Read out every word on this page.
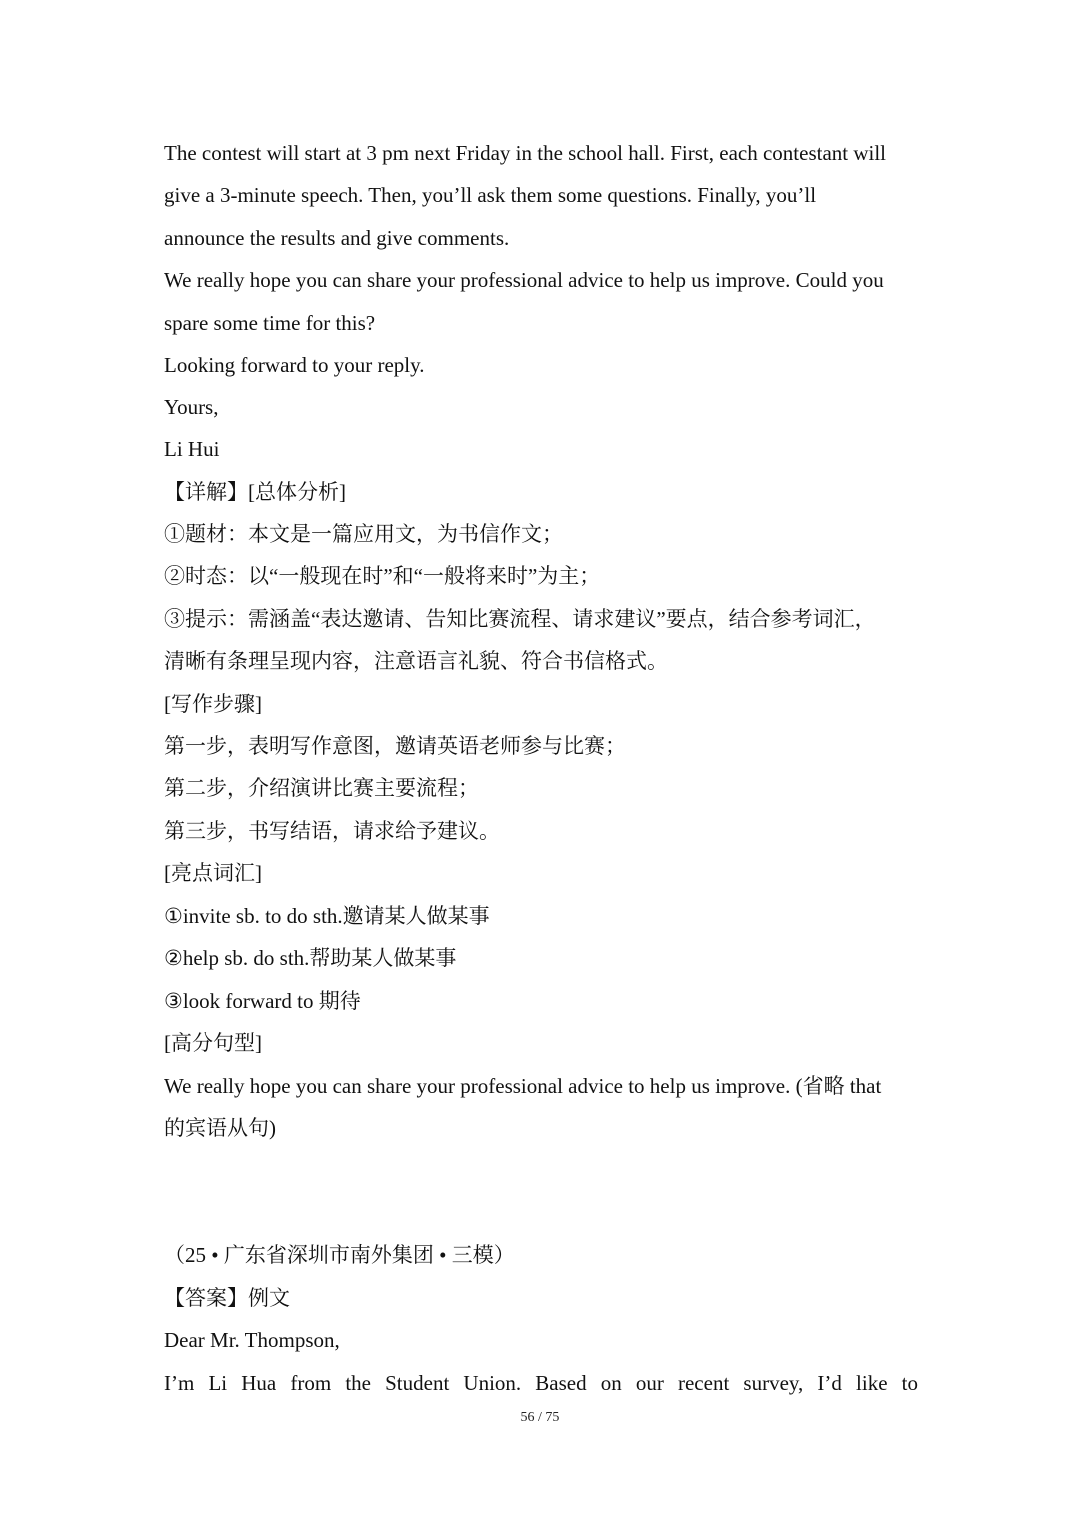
The contest will start at 3 pm next Friday in the school hall. First, each contestant will
give a 3-minute speech. Then, you’ll ask them some questions. Finally, you’ll
announce the results and give comments.
We really hope you can share your professional advice to help us improve. Could you
spare some time for this?
Looking forward to your reply.
Yours,
Li Hui
【详解】[总体分析]
①题材：本文是一篇应用文，为书信作文；
②时态：以“一般现在时”和“一般将来时”为主；
③提示：需涵盖“表达邀请、告知比赛流程、请求建议”要点，结合参考词汇，
清晰有条理呈现内容，注意语言礼貌、符合书信格式。
[写作步骤]
第一步，表明写作意图，邀请英语老师参与比赛；
第二步，介绍演讲比赛主要流程；
第三步，书写结语，请求给予建议。
[亮点词汇]
①invite sb. to do sth.邀请某人做某事
②help sb. do sth.帮助某人做某事
③look forward to 期待
[高分句型]
We really hope you can share your professional advice to help us improve. (省略 that
的宾语从句)
（25 • 广东省深圳市南外集团 • 三模）
【答案】例文
Dear Mr. Thompson,
I’m Li Hua from the Student Union. Based on our recent survey, I’d like to
56 / 75
